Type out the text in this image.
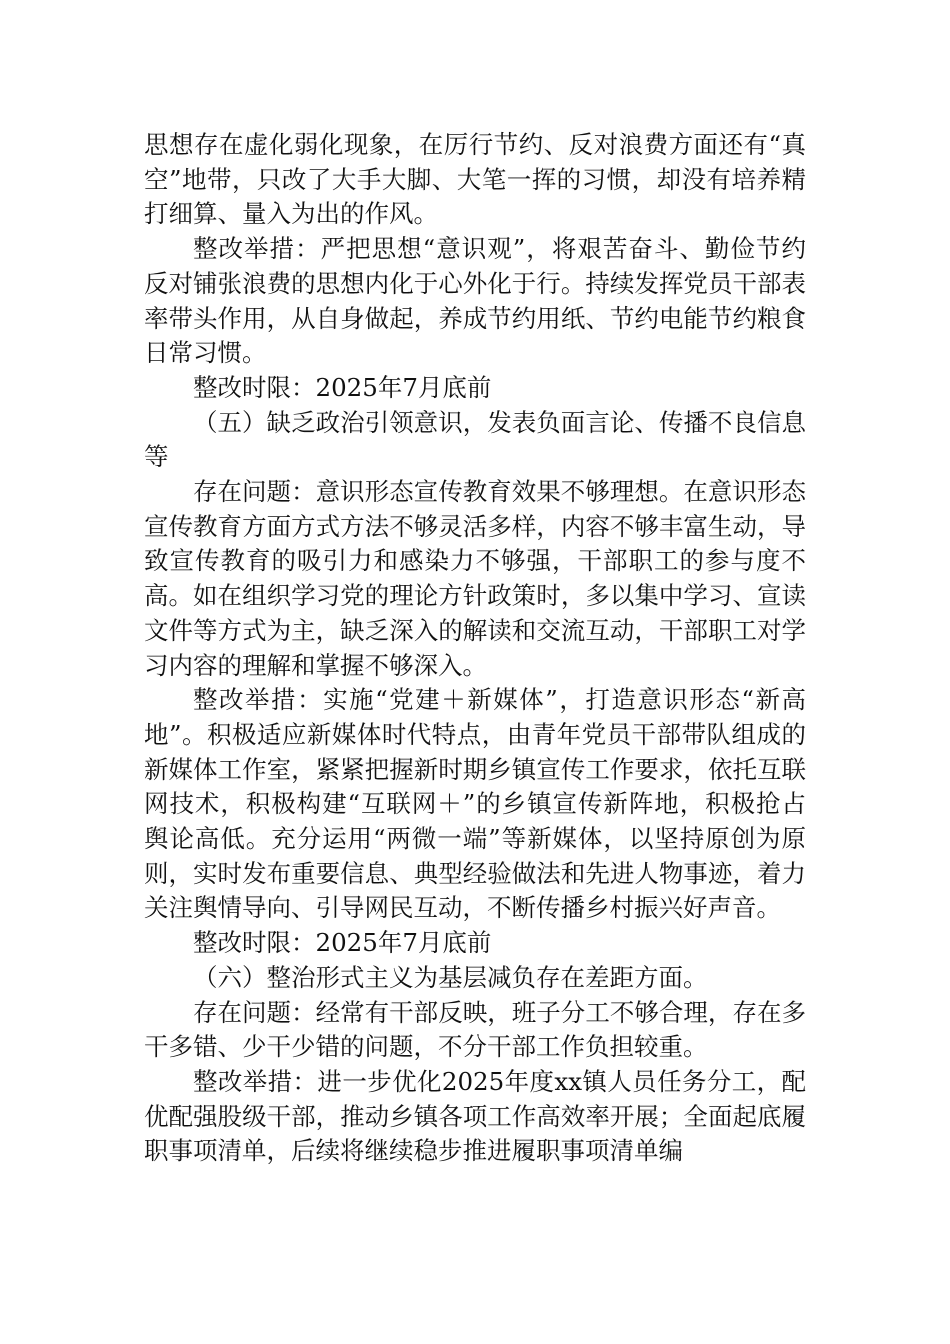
思想存在虚化弱化现象，在厉行节约、反对浪费方面还有“真空”地带，只改了大手大脚、大笔一挥的习惯，却没有培养精打细算、量入为出的作风。

整改举措：严把思想“意识观”，将艰苦奋斗、勤俭节约反对铺张浪费的思想内化于心外化于行。持续发挥党员干部表率带头作用，从自身做起，养成节约用纸、节约电能节约粮食日常习惯。

整改时限：2025年7月底前

（五）缺乏政治引领意识，发表负面言论、传播不良信息等

存在问题：意识形态宣传教育效果不够理想。在意识形态宣传教育方面方式方法不够灵活多样，内容不够丰富生动，导致宣传教育的吸引力和感染力不够强，干部职工的参与度不高。如在组织学习党的理论方针政策时，多以集中学习、宣读文件等方式为主，缺乏深入的解读和交流互动，干部职工对学习内容的理解和掌握不够深入。

整改举措：实施“党建＋新媒体”，打造意识形态“新高地”。积极适应新媒体时代特点，由青年党员干部带队组成的新媒体工作室，紧紧把握新时期乡镇宣传工作要求，依托互联网技术，积极构建“互联网＋”的乡镇宣传新阵地，积极抢占舆论高低。充分运用“两微一端”等新媒体，以坚持原创为原则，实时发布重要信息、典型经验做法和先进人物事迹，着力关注舆情导向、引导网民互动，不断传播乡村振兴好声音。

整改时限：2025年7月底前

（六）整治形式主义为基层减负存在差距方面。

存在问题：经常有干部反映，班子分工不够合理，存在多干多错、少干少错的问题，不分干部工作负担较重。

整改举措：进一步优化2025年度xx镇人员任务分工，配优配强股级干部，推动乡镇各项工作高效率开展；全面起底履职事项清单，后续将继续稳步推进履职事项清单编
